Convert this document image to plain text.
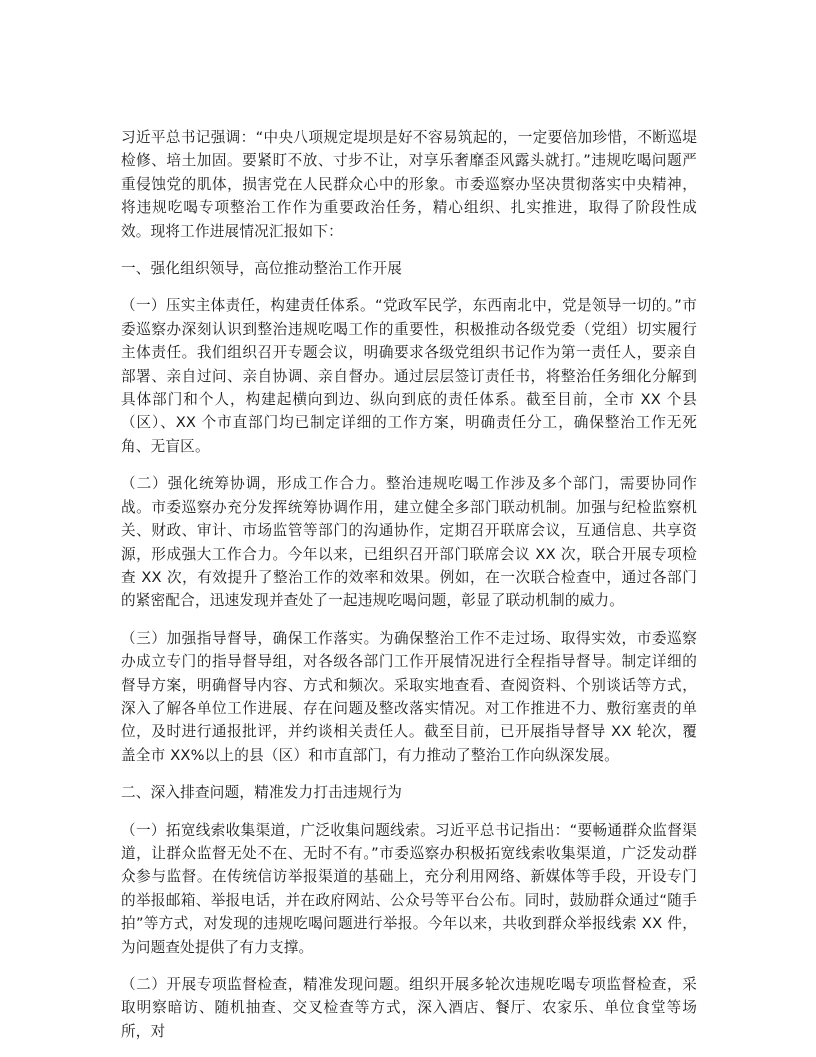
习近平总书记强调：“中央八项规定堤坝是好不容易筑起的，一定要倍加珍惜，不断巡堤检修、培土加固。要紧盯不放、寸步不让，对享乐奢靡歪风露头就打。”违规吃喝问题严重侵蚀党的肌体，损害党在人民群众心中的形象。市委巡察办坚决贯彻落实中央精神，将违规吃喝专项整治工作作为重要政治任务，精心组织、扎实推进，取得了阶段性成效。现将工作进展情况汇报如下：

一、强化组织领导，高位推动整治工作开展

（一）压实主体责任，构建责任体系。“党政军民学，东西南北中，党是领导一切的。”市委巡察办深刻认识到整治违规吃喝工作的重要性，积极推动各级党委（党组）切实履行主体责任。我们组织召开专题会议，明确要求各级党组织书记作为第一责任人，要亲自部署、亲自过问、亲自协调、亲自督办。通过层层签订责任书，将整治任务细化分解到具体部门和个人，构建起横向到边、纵向到底的责任体系。截至目前，全市 XX 个县（区）、XX 个市直部门均已制定详细的工作方案，明确责任分工，确保整治工作无死角、无盲区。

（二）强化统筹协调，形成工作合力。整治违规吃喝工作涉及多个部门，需要协同作战。市委巡察办充分发挥统筹协调作用，建立健全多部门联动机制。加强与纪检监察机关、财政、审计、市场监管等部门的沟通协作，定期召开联席会议，互通信息、共享资源，形成强大工作合力。今年以来，已组织召开部门联席会议 XX 次，联合开展专项检查 XX 次，有效提升了整治工作的效率和效果。例如，在一次联合检查中，通过各部门的紧密配合，迅速发现并查处了一起违规吃喝问题，彰显了联动机制的威力。

（三）加强指导督导，确保工作落实。为确保整治工作不走过场、取得实效，市委巡察办成立专门的指导督导组，对各级各部门工作开展情况进行全程指导督导。制定详细的督导方案，明确督导内容、方式和频次。采取实地查看、查阅资料、个别谈话等方式，深入了解各单位工作进展、存在问题及整改落实情况。对工作推进不力、敷衍塞责的单位，及时进行通报批评，并约谈相关责任人。截至目前，已开展指导督导 XX 轮次，覆盖全市 XX%以上的县（区）和市直部门，有力推动了整治工作向纵深发展。

二、深入排查问题，精准发力打击违规行为

（一）拓宽线索收集渠道，广泛收集问题线索。习近平总书记指出：“要畅通群众监督渠道，让群众监督无处不在、无时不有。”市委巡察办积极拓宽线索收集渠道，广泛发动群众参与监督。在传统信访举报渠道的基础上，充分利用网络、新媒体等手段，开设专门的举报邮箱、举报电话，并在政府网站、公众号等平台公布。同时，鼓励群众通过“随手拍”等方式，对发现的违规吃喝问题进行举报。今年以来，共收到群众举报线索 XX 件，为问题查处提供了有力支撑。

（二）开展专项监督检查，精准发现问题。组织开展多轮次违规吃喝专项监督检查，采取明察暗访、随机抽查、交叉检查等方式，深入酒店、餐厅、农家乐、单位食堂等场所，对
